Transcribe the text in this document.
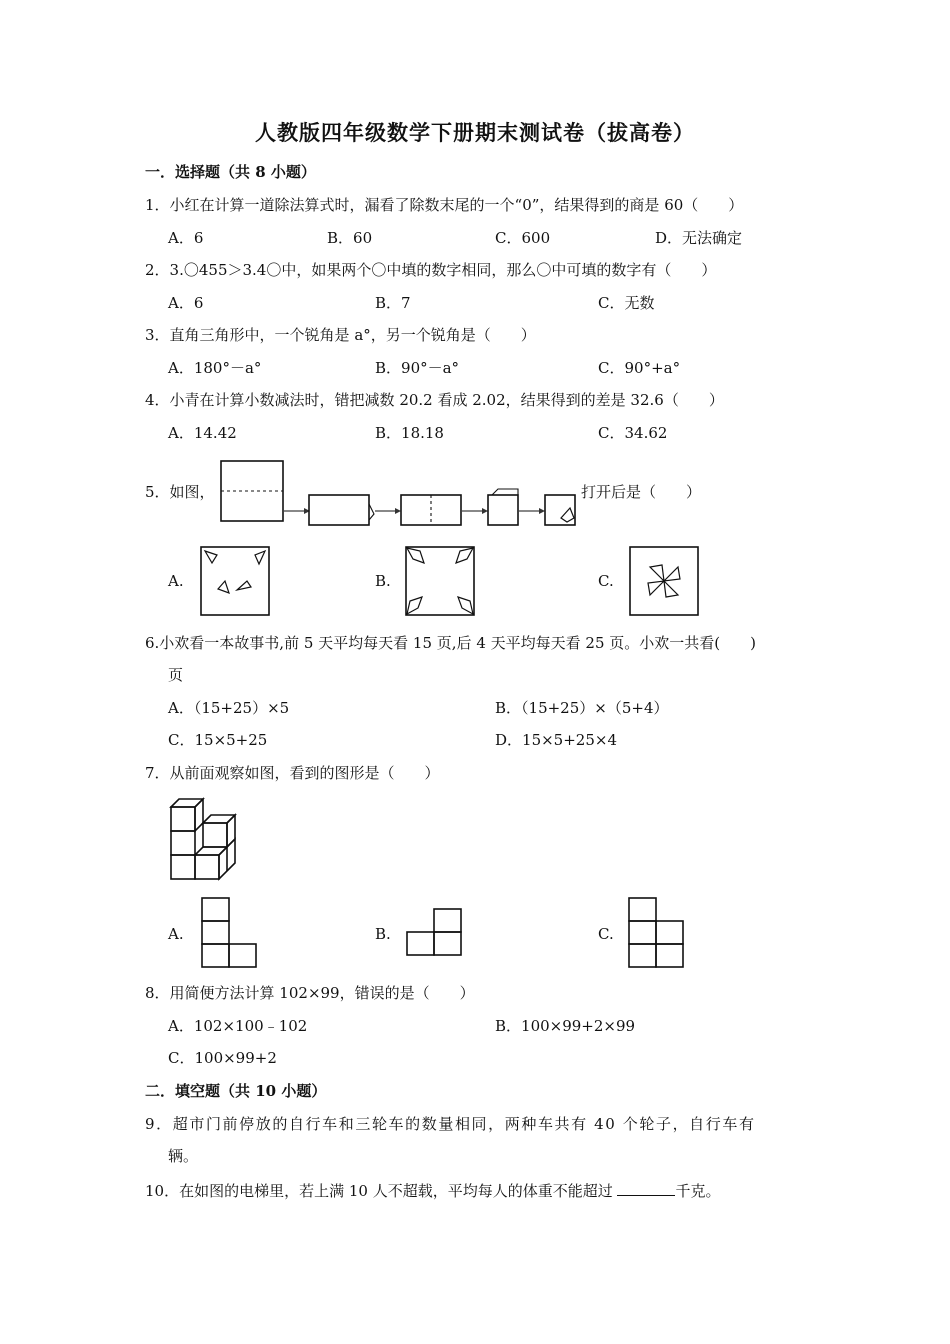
人教版四年级数学下册期末测试卷（拔高卷）
一．选择题（共 8 小题）
1．小红在计算一道除法算式时，漏看了除数末尾的一个“0”，结果得到的商是 60（　　）
A．6	B．60	C．600	D．无法确定
2．3.〇455＞3.4〇中，如果两个〇中填的数字相同，那么〇中可填的数字有（　　）
A．6	B．7	C．无数
3．直角三角形中，一个锐角是 a°，另一个锐角是（　　）
A．180°－a°	B．90°－a°	C．90°+a°
4．小青在计算小数减法时，错把减数 20.2 看成 2.02，结果得到的差是 32.6（　　）
A．14.42	B．18.18	C．34.62
5．如图，	打开后是（　　）
A.	B.	C.
6.小欢看一本故事书,前 5 天平均每天看 15 页,后 4 天平均每天看 25 页。小欢一共看(　　)
页
A．（15+25）×5	B．（15+25）×（5+4）
C．15×5+25	D．15×5+25×4
7．从前面观察如图，看到的图形是（　　）
A.	B.	C.
8．用简便方法计算 102×99，错误的是（　　）
A．102×100﹣102	B．100×99+2×99
C．100×99+2
二．填空题（共 10 小题）
9．超市门前停放的自行车和三轮车的数量相同，两种车共有 40 个轮子，自行车有
辆。
10．在如图的电梯里，若上满 10 人不超载，平均每人的体重不能超过	千克。
